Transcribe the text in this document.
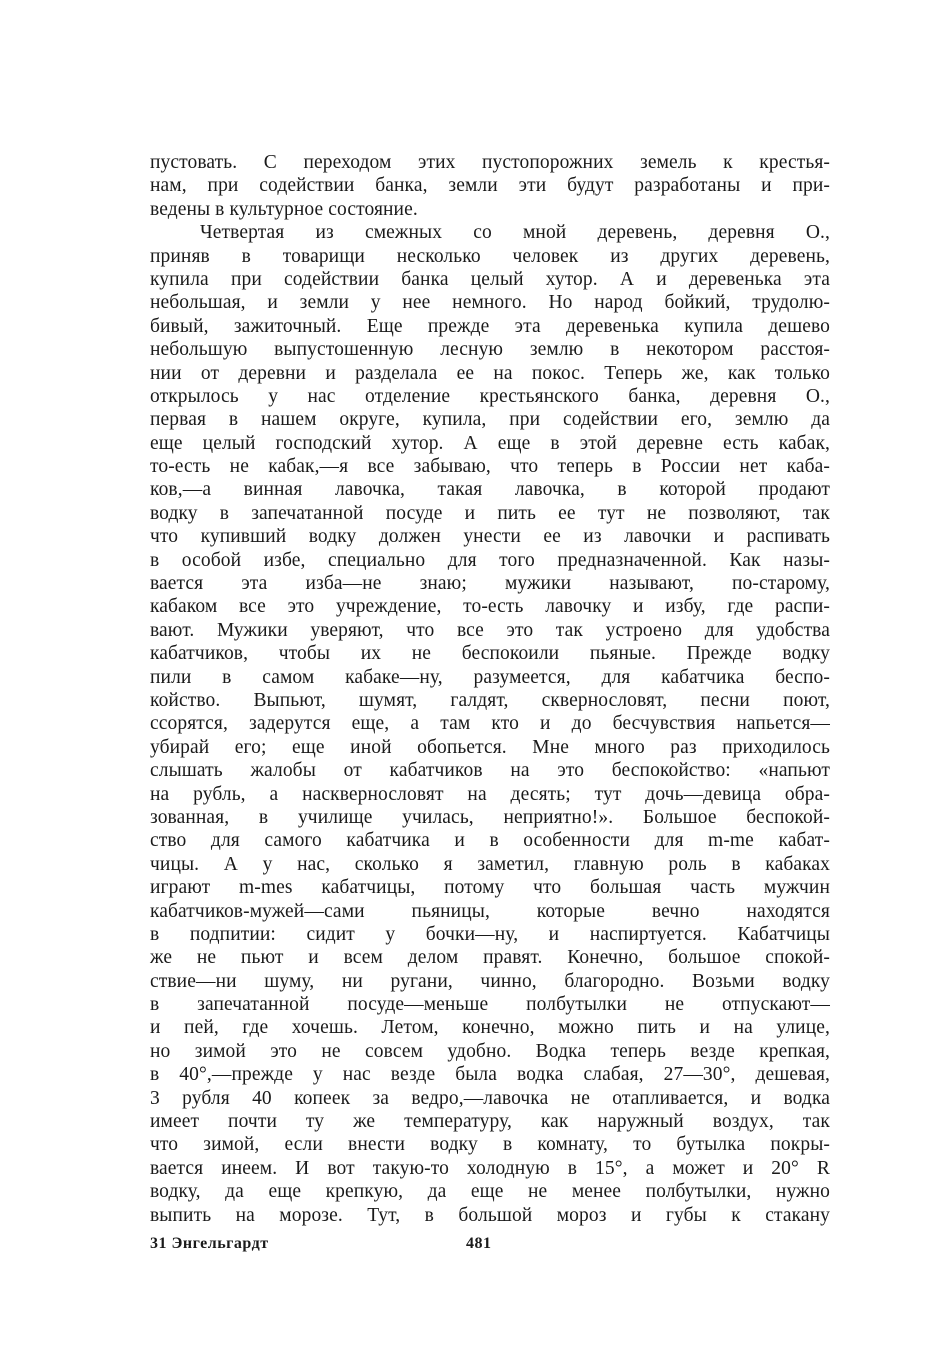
пустовать. С переходом этих пустопорожних земель к крестья-
нам, при содействии банка, земли эти будут разработаны и при-
ведены в культурное состояние.
Четвертая из смежных со мной деревень, деревня О.,
приняв в товарищи несколько человек из других деревень,
купила при содействии банка целый хутор. А и деревенька эта
небольшая, и земли у нее немного. Но народ бойкий, трудолю-
бивый, зажиточный. Еще прежде эта деревенька купила дешево
небольшую выпустошенную лесную землю в некотором расстоя-
нии от деревни и разделала ее на покос. Теперь же, как только
открылось у нас отделение крестьянского банка, деревня О.,
первая в нашем округе, купила, при содействии его, землю да
еще целый господский хутор. А еще в этой деревне есть кабак,
то-есть не кабак,—я все забываю, что теперь в России нет каба-
ков,—а винная лавочка, такая лавочка, в которой продают
водку в запечатанной посуде и пить ее тут не позволяют, так
что купивший водку должен унести ее из лавочки и распивать
в особой избе, специально для того предназначенной. Как назы-
вается эта изба—не знаю; мужики называют, по-старому,
кабаком все это учреждение, то-есть лавочку и избу, где распи-
вают. Мужики уверяют, что все это так устроено для удобства
кабатчиков, чтобы их не беспокоили пьяные. Прежде водку
пили в самом кабаке—ну, разумеется, для кабатчика беспо-
койство. Выпьют, шумят, галдят, сквернословят, песни поют,
ссорятся, задерутся еще, а там кто и до бесчувствия напьется—
убирай его; еще иной обопьется. Мне много раз приходилось
слышать жалобы от кабатчиков на это беспокойство: «напьют
на рубль, а насквернословят на десять; тут дочь—девица обра-
зованная, в училище училась, неприятно!». Большое беспокой-
ство для самого кабатчика и в особенности для m-me кабат-
чицы. А у нас, сколько я заметил, главную роль в кабаках
играют m-mes кабатчицы, потому что большая часть мужчин
кабатчиков-мужей—сами пьяницы, которые вечно находятся
в подпитии: сидит у бочки—ну, и наспиртуется. Кабатчицы
же не пьют и всем делом правят. Конечно, большое спокой-
ствие—ни шуму, ни ругани, чинно, благородно. Возьми водку
в запечатанной посуде—меньше полбутылки не отпускают—
и пей, где хочешь. Летом, конечно, можно пить и на улице,
но зимой это не совсем удобно. Водка теперь везде крепкая,
в 40°,—прежде у нас везде была водка слабая, 27—30°, дешевая,
3 рубля 40 копеек за ведро,—лавочка не отапливается, и водка
имеет почти ту же температуру, как наружный воздух, так
что зимой, если внести водку в комнату, то бутылка покры-
вается инеем. И вот такую-то холодную в 15°, а может и 20° R
водку, да еще крепкую, да еще не менее полбутылки, нужно
выпить на морозе. Тут, в большой мороз и губы к стакану
31 Энгельгардт	481
